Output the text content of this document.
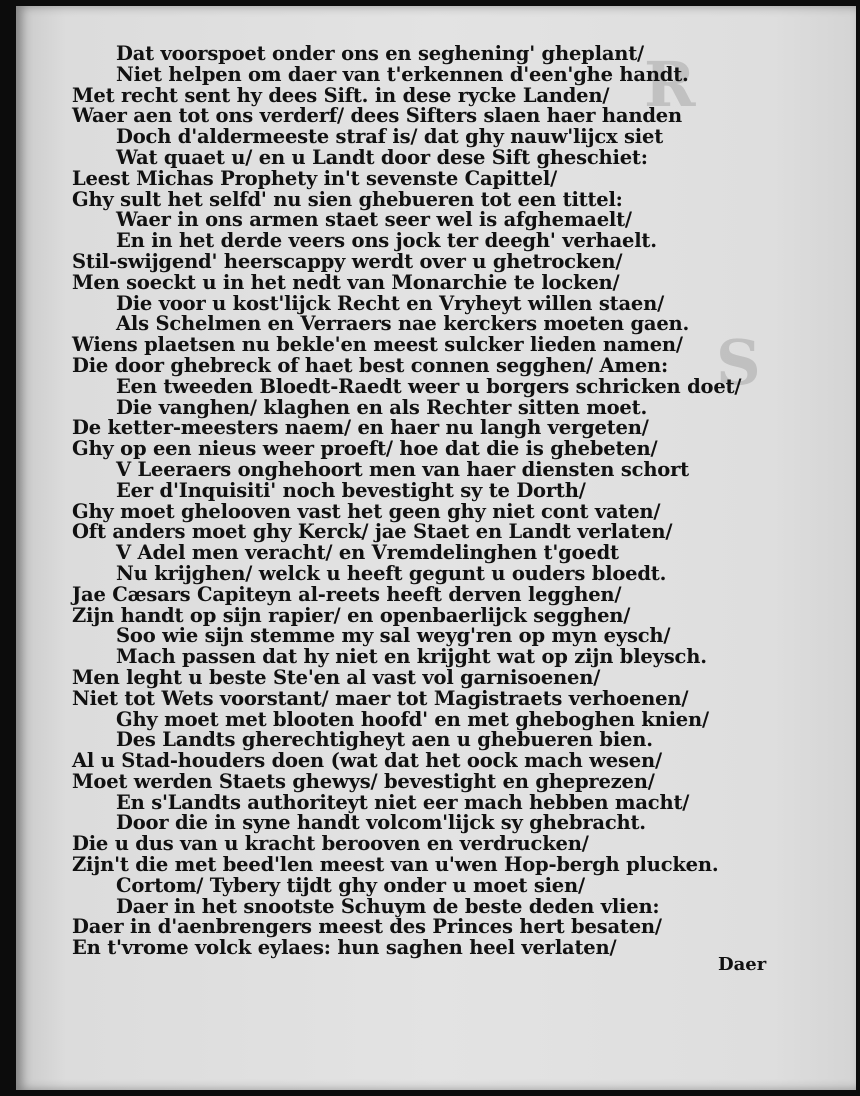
R
S
Dat voorspoet onder ons en seghening' gheplant/
Niet helpen om daer van t'erkennen d'een'ghe handt.
Met recht sent hy dees Sift. in dese rycke Landen/
Waer aen tot ons verderf/ dees Sifters slaen haer handen
Doch d'aldermeeste straf is/ dat ghy nauw'lijcx siet
Wat quaet u/ en u Landt door dese Sift gheschiet:
Leest Michas Prophety in't sevenste Capittel/
Ghy sult het selfd' nu sien ghebueren tot een tittel:
Waer in ons armen staet seer wel is afghemaelt/
En in het derde veers ons jock ter deegh' verhaelt.
Stil-swijgend' heerscappy werdt over u ghetrocken/
Men soeckt u in het nedt van Monarchie te locken/
Die voor u kost'lijck Recht en Vryheyt willen staen/
Als Schelmen en Verraers nae kerckers moeten gaen.
Wiens plaetsen nu bekle'en meest sulcker lieden namen/
Die door ghebreck of haet best connen segghen/ Amen:
Een tweeden Bloedt-Raedt weer u borgers schricken doet/
Die vanghen/ klaghen en als Rechter sitten moet.
De ketter-meesters naem/ en haer nu langh vergeten/
Ghy op een nieus weer proeft/ hoe dat die is ghebeten/
V Leeraers onghehoort men van haer diensten schort
Eer d'Inquisiti' noch bevestight sy te Dorth/
Ghy moet ghelooven vast het geen ghy niet cont vaten/
Oft anders moet ghy Kerck/ jae Staet en Landt verlaten/
V Adel men veracht/ en Vremdelinghen t'goedt
Nu krijghen/ welck u heeft gegunt u ouders bloedt.
Jae Cæsars Capiteyn al-reets heeft derven legghen/
Zijn handt op sijn rapier/ en openbaerlijck segghen/
Soo wie sijn stemme my sal weyg'ren op myn eysch/
Mach passen dat hy niet en krijght wat op zijn bleysch.
Men leght u beste Ste'en al vast vol garnisoenen/
Niet tot Wets voorstant/ maer tot Magistraets verhoenen/
Ghy moet met blooten hoofd' en met gheboghen knien/
Des Landts gherechtigheyt aen u ghebueren bien.
Al u Stad-houders doen (wat dat het oock mach wesen/
Moet werden Staets ghewys/ bevestight en gheprezen/
En s'Landts authoriteyt niet eer mach hebben macht/
Door die in syne handt volcom'lijck sy ghebracht.
Die u dus van u kracht berooven en verdrucken/
Zijn't die met beed'len meest van u'wen Hop-bergh plucken.
Cortom/ Tybery tijdt ghy onder u moet sien/
Daer in het snootste Schuym de beste deden vlien:
Daer in d'aenbrengers meest des Princes hert besaten/
En t'vrome volck eylaes: hun saghen heel verlaten/
Daer
